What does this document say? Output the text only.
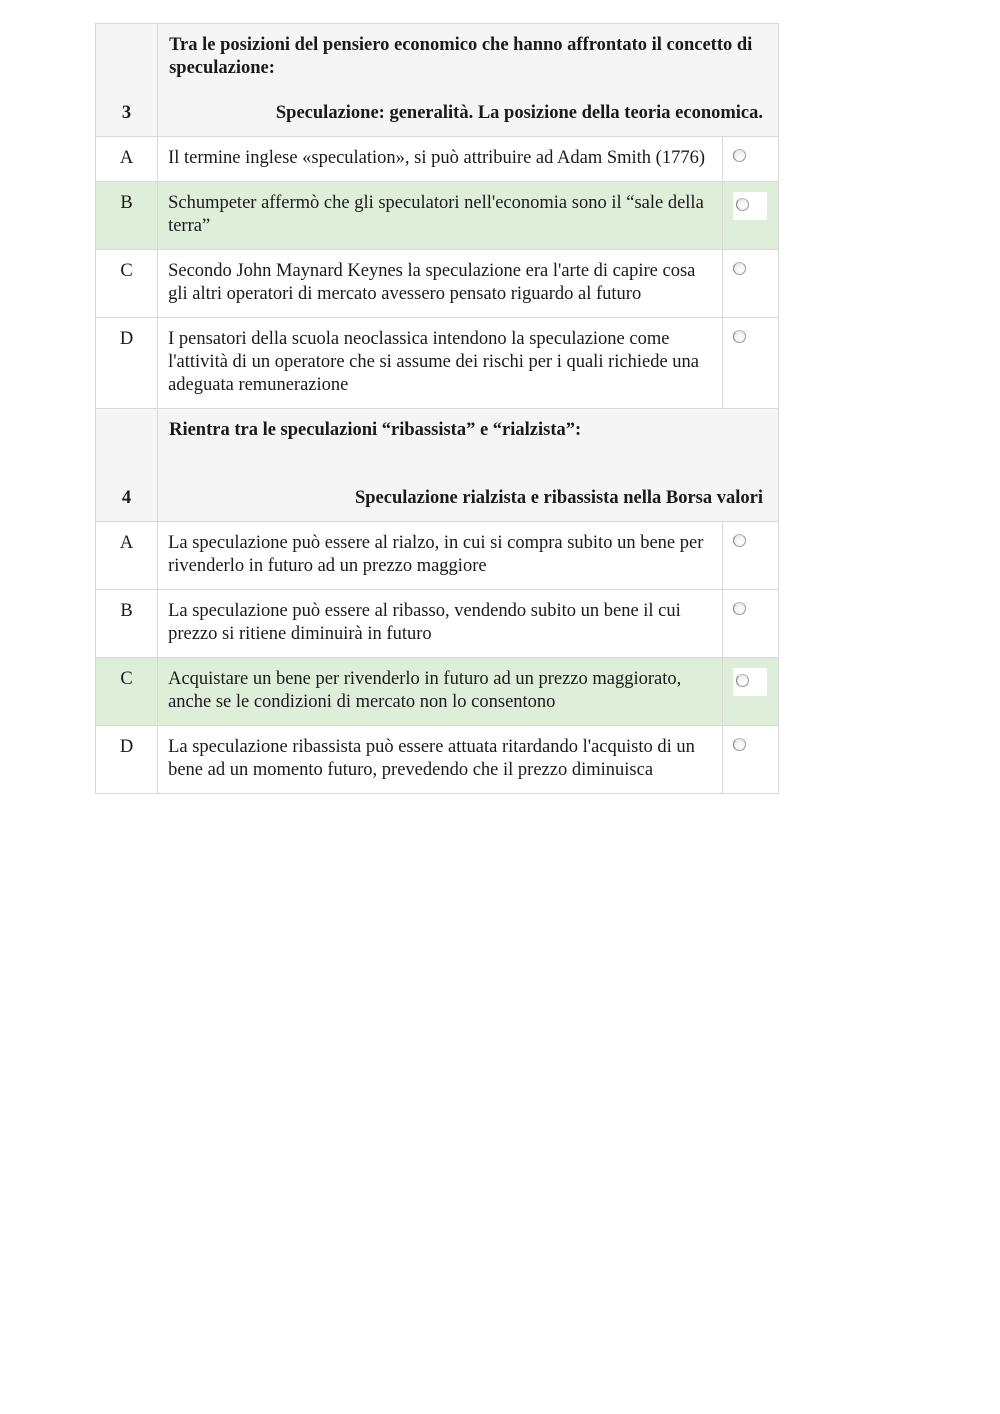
3	Tra le posizioni del pensiero economico che hanno affrontato il concetto di speculazione:
Speculazione: generalità. La posizione della teoria economica.	

A	Il termine inglese «speculation», si può attribuire ad Adam Smith (1776)	

B	Schumpeter affermò che gli speculatori nell'economia sono il “sale della terra”	

C	Secondo John Maynard Keynes la speculazione era l'arte di capire cosa gli altri operatori di mercato avessero pensato riguardo al futuro	

D	I pensatori della scuola neoclassica intendono la speculazione come l'attività di un operatore che si assume dei rischi per i quali richiede una adeguata remunerazione	

4	Rientra tra le speculazioni “ribassista” e “rialzista”:
Speculazione rialzista e ribassista nella Borsa valori	

A	La speculazione può essere al rialzo, in cui si compra subito un bene per rivenderlo in futuro ad un prezzo maggiore	

B	La speculazione può essere al ribasso, vendendo subito un bene il cui prezzo si ritiene diminuirà in futuro	

C	Acquistare un bene per rivenderlo in futuro ad un prezzo maggiorato, anche se le condizioni di mercato non lo consentono	

D	La speculazione ribassista può essere attuata ritardando l'acquisto di un bene ad un momento futuro, prevedendo che il prezzo diminuisca	
